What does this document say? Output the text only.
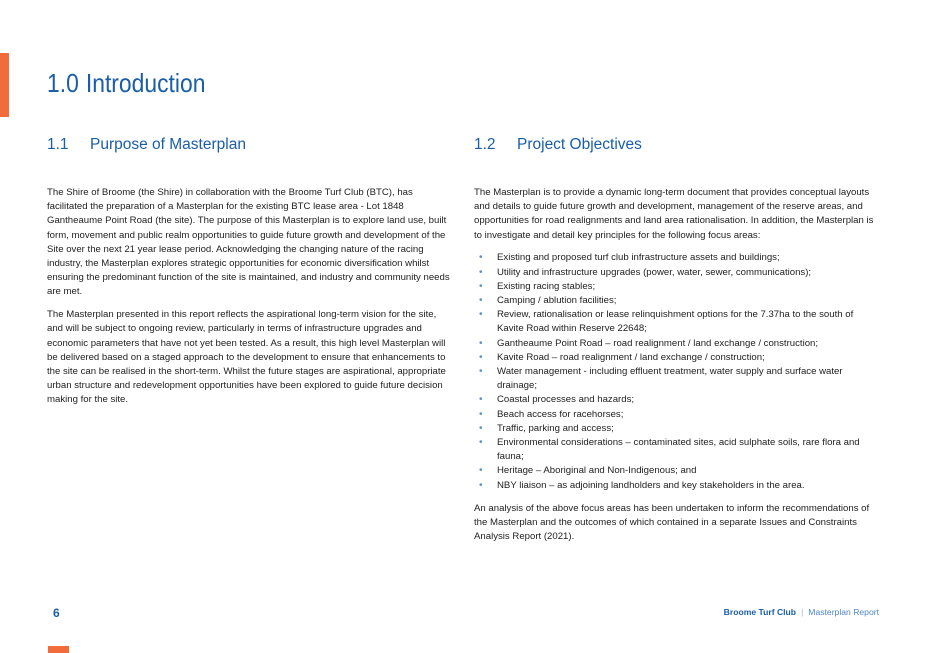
1.0 Introduction
1.1 Purpose of Masterplan

The Shire of Broome (the Shire) in collaboration with the Broome Turf Club (BTC), has facilitated the preparation of a Masterplan for the existing BTC lease area - Lot 1848 Gantheaume Point Road (the site). The purpose of this Masterplan is to explore land use, built form, movement and public realm opportunities to guide future growth and development of the Site over the next 21 year lease period. Acknowledging the changing nature of the racing industry, the Masterplan explores strategic opportunities for economic diversification whilst ensuring the predominant function of the site is maintained, and industry and community needs are met.

The Masterplan presented in this report reflects the aspirational long-term vision for the site, and will be subject to ongoing review, particularly in terms of infrastructure upgrades and economic parameters that have not yet been tested. As a result, this high level Masterplan will be delivered based on a staged approach to the development to ensure that enhancements to the site can be realised in the short-term. Whilst the future stages are aspirational, appropriate urban structure and redevelopment opportunities have been explored to guide future decision making for the site.

1.2 Project Objectives

The Masterplan is to provide a dynamic long-term document that provides conceptual layouts and details to guide future growth and development, management of the reserve areas, and opportunities for road realignments and land area rationalisation. In addition, the Masterplan is to investigate and detail key principles for the following focus areas:

• Existing and proposed turf club infrastructure assets and buildings;
• Utility and infrastructure upgrades (power, water, sewer, communications);
• Existing racing stables;
• Camping / ablution facilities;
• Review, rationalisation or lease relinquishment options for the 7.37ha to the south of Kavite Road within Reserve 22648;
• Gantheaume Point Road – road realignment / land exchange / construction;
• Kavite Road – road realignment / land exchange / construction;
• Water management - including effluent treatment, water supply and surface water drainage;
• Coastal processes and hazards;
• Beach access for racehorses;
• Traffic, parking and access;
• Environmental considerations – contaminated sites, acid sulphate soils, rare flora and fauna;
• Heritage – Aboriginal and Non-Indigenous; and
• NBY liaison – as adjoining landholders and key stakeholders in the area.

An analysis of the above focus areas has been undertaken to inform the recommendations of the Masterplan and the outcomes of which contained in a separate Issues and Constraints Analysis Report (2021).

6	Broome Turf Club | Masterplan Report
